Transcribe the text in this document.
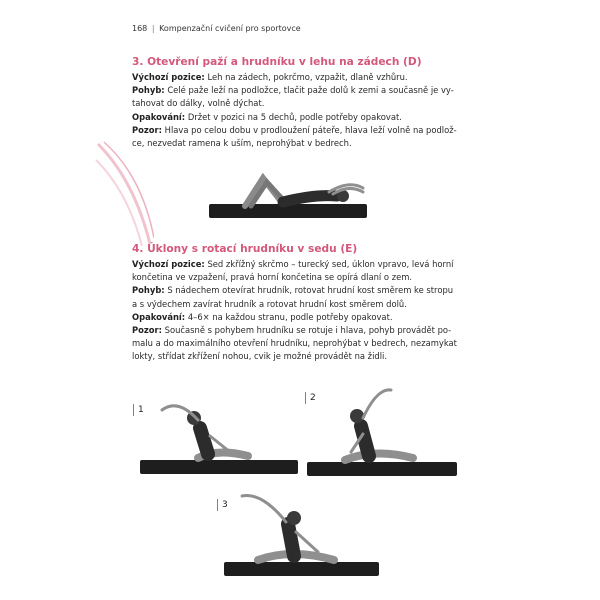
168 | Kompenzační cvičení pro sportovce
3. Otevření paží a hrudníku v lehu na zádech (D)

Výchozí pozice: Leh na zádech, pokrčmo, vzpažit, dlaně vzhůru.

Pohyb: Celé paže leží na podložce, tlačit paže dolů k zemi a současně je vy-

tahovat do dálky, volně dýchat.

Opakování: Držet v pozici na 5 dechů, podle potřeby opakovat.

Pozor: Hlava po celou dobu v prodloužení páteře, hlava leží volně na podlož-

ce, nezvedat ramena k uším, neprohýbat v bedrech.

4. Úklony s rotací hrudníku v sedu (E)

Výchozí pozice: Sed zkřížný skrčmo – turecký sed, úklon vpravo, levá horní

končetina ve vzpažení, pravá horní končetina se opírá dlaní o zem.

Pohyb: S nádechem otevírat hrudník, rotovat hrudní kost směrem ke stropu

a s výdechem zavírat hrudník a rotovat hrudní kost směrem dolů.

Opakování: 4–6× na každou stranu, podle potřeby opakovat.

Pozor: Současně s pohybem hrudníku se rotuje i hlava, pohyb provádět po-

malu a do maximálního otevření hrudníku, neprohýbat v bedrech, nezamykat

lokty, střídat zkřížení nohou, cvik je možné provádět na židli.

1
2
3
